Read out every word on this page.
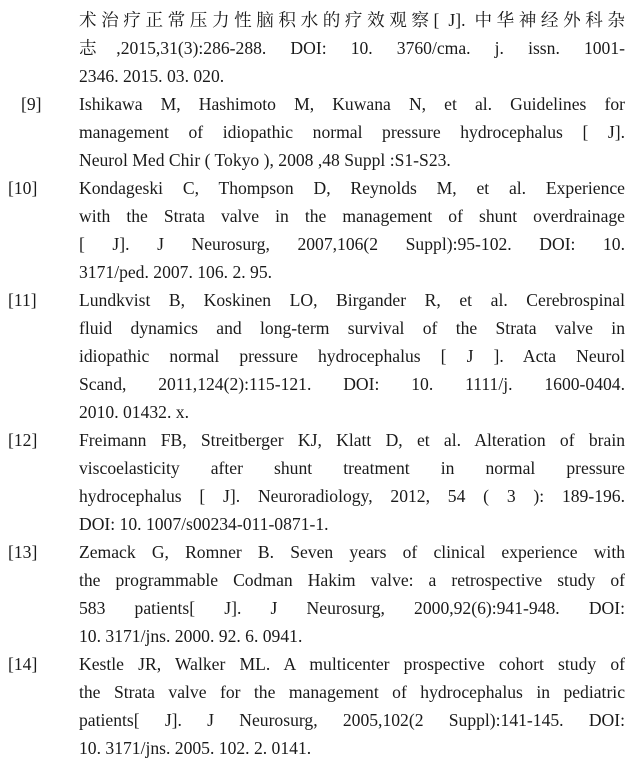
术治疗正常压力性脑积水的疗效观察[ J]. 中华神经外科杂
志,2015,31(3):286-288. DOI: 10. 3760/cma. j. issn. 1001-
2346. 2015. 03. 020.
[9]	Ishikawa M, Hashimoto M, Kuwana N, et al. Guidelines for
management of idiopathic normal pressure hydrocephalus [ J].
Neurol Med Chir ( Tokyo ), 2008 ,48 Suppl :S1-S23.
[10]	Kondageski C, Thompson D, Reynolds M, et al. Experience
with the Strata valve in the management of shunt overdrainage
[ J]. J Neurosurg, 2007,106(2 Suppl):95-102. DOI: 10.
3171/ped. 2007. 106. 2. 95.
[11]	Lundkvist B, Koskinen LO, Birgander R, et al. Cerebrospinal
fluid dynamics and long-term survival of the Strata valve in
idiopathic normal pressure hydrocephalus [ J ]. Acta Neurol
Scand, 2011,124(2):115-121. DOI: 10. 1111/j. 1600-0404.
2010. 01432. x.
[12]	Freimann FB, Streitberger KJ, Klatt D, et al. Alteration of brain
viscoelasticity after shunt treatment in normal pressure
hydrocephalus [ J]. Neuroradiology, 2012, 54 ( 3 ): 189-196.
DOI: 10. 1007/s00234-011-0871-1.
[13]	Zemack G, Romner B. Seven years of clinical experience with
the programmable Codman Hakim valve: a retrospective study of
583 patients[ J]. J Neurosurg, 2000,92(6):941-948. DOI:
10. 3171/jns. 2000. 92. 6. 0941.
[14]	Kestle JR, Walker ML. A multicenter prospective cohort study of
the Strata valve for the management of hydrocephalus in pediatric
patients[ J]. J Neurosurg, 2005,102(2 Suppl):141-145. DOI:
10. 3171/jns. 2005. 102. 2. 0141.
